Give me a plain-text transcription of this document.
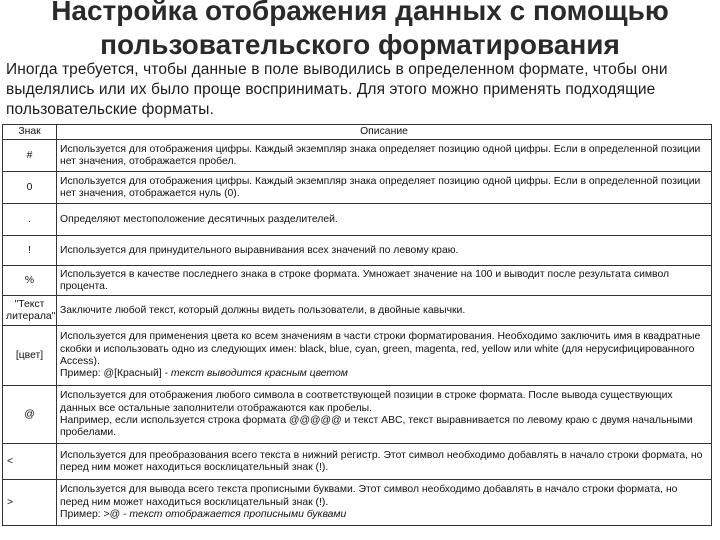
Настройка отображения данных с помощью
пользовательского форматирования
Иногда требуется, чтобы данные в поле выводились в определенном формате, чтобы они выделялись или их было проще воспринимать. Для этого можно применять подходящие пользовательские форматы.
Знак	Описание
#	Используется для отображения цифры. Каждый экземпляр знака определяет позицию одной цифры. Если в определенной позиции нет значения, отображается пробел.
0	Используется для отображения цифры. Каждый экземпляр знака определяет позицию одной цифры. Если в определенной позиции нет значения, отображается нуль (0).
.	Определяют местоположение десятичных разделителей.
!	Используется для принудительного выравнивания всех значений по левому краю.
%	Используется в качестве последнего знака в строке формата. Умножает значение на 100 и выводит после результата символ процента.
"Текст литерала"	Заключите любой текст, который должны видеть пользователи, в двойные кавычки.
[цвет]	Используется для применения цвета ко всем значениям в части строки форматирования. Необходимо заключить имя в квадратные скобки и использовать одно из следующих имен: black, blue, cyan, green, magenta, red, yellow или white (для нерусифицированного Access).
Пример: @[Красный] - текст выводится красным цветом
@	Используется для отображения любого символа в соответствующей позиции в строке формата. После вывода существующих данных все остальные заполнители отображаются как пробелы.
Например, если используется строка формата @@@@@ и текст ABC, текст выравнивается по левому краю с двумя начальными пробелами.
<	Используется для преобразования всего текста в нижний регистр. Этот символ необходимо добавлять в начало строки формата, но перед ним может находиться восклицательный знак (!).
>	Используется для вывода всего текста прописными буквами. Этот символ необходимо добавлять в начало строки формата, но перед ним может находиться восклицательный знак (!).
Пример: >@ - текст отображается прописными буквами
